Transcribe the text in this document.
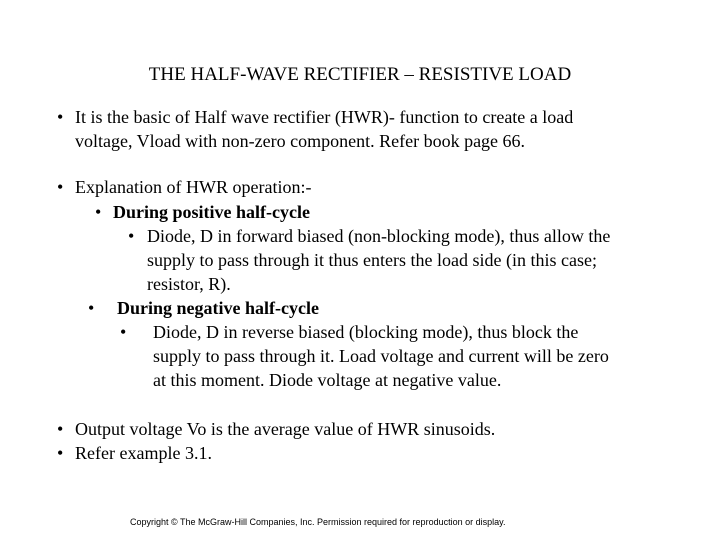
THE HALF-WAVE RECTIFIER – RESISTIVE LOAD
• It is the basic of Half wave rectifier (HWR)- function to create a load
voltage, Vload with non-zero component. Refer book page 66.
• Explanation of HWR operation:-
• During positive half-cycle
• Diode, D in forward biased (non-blocking mode), thus allow the
supply to pass through it thus enters the load side (in this case;
resistor, R).
• During negative half-cycle
• Diode, D in reverse biased (blocking mode), thus block the
supply to pass through it. Load voltage and current will be zero
at this moment. Diode voltage at negative value.
• Output voltage Vo is the average value of HWR sinusoids.
• Refer example 3.1.
Copyright © The McGraw-Hill Companies, Inc. Permission required for reproduction or display.
